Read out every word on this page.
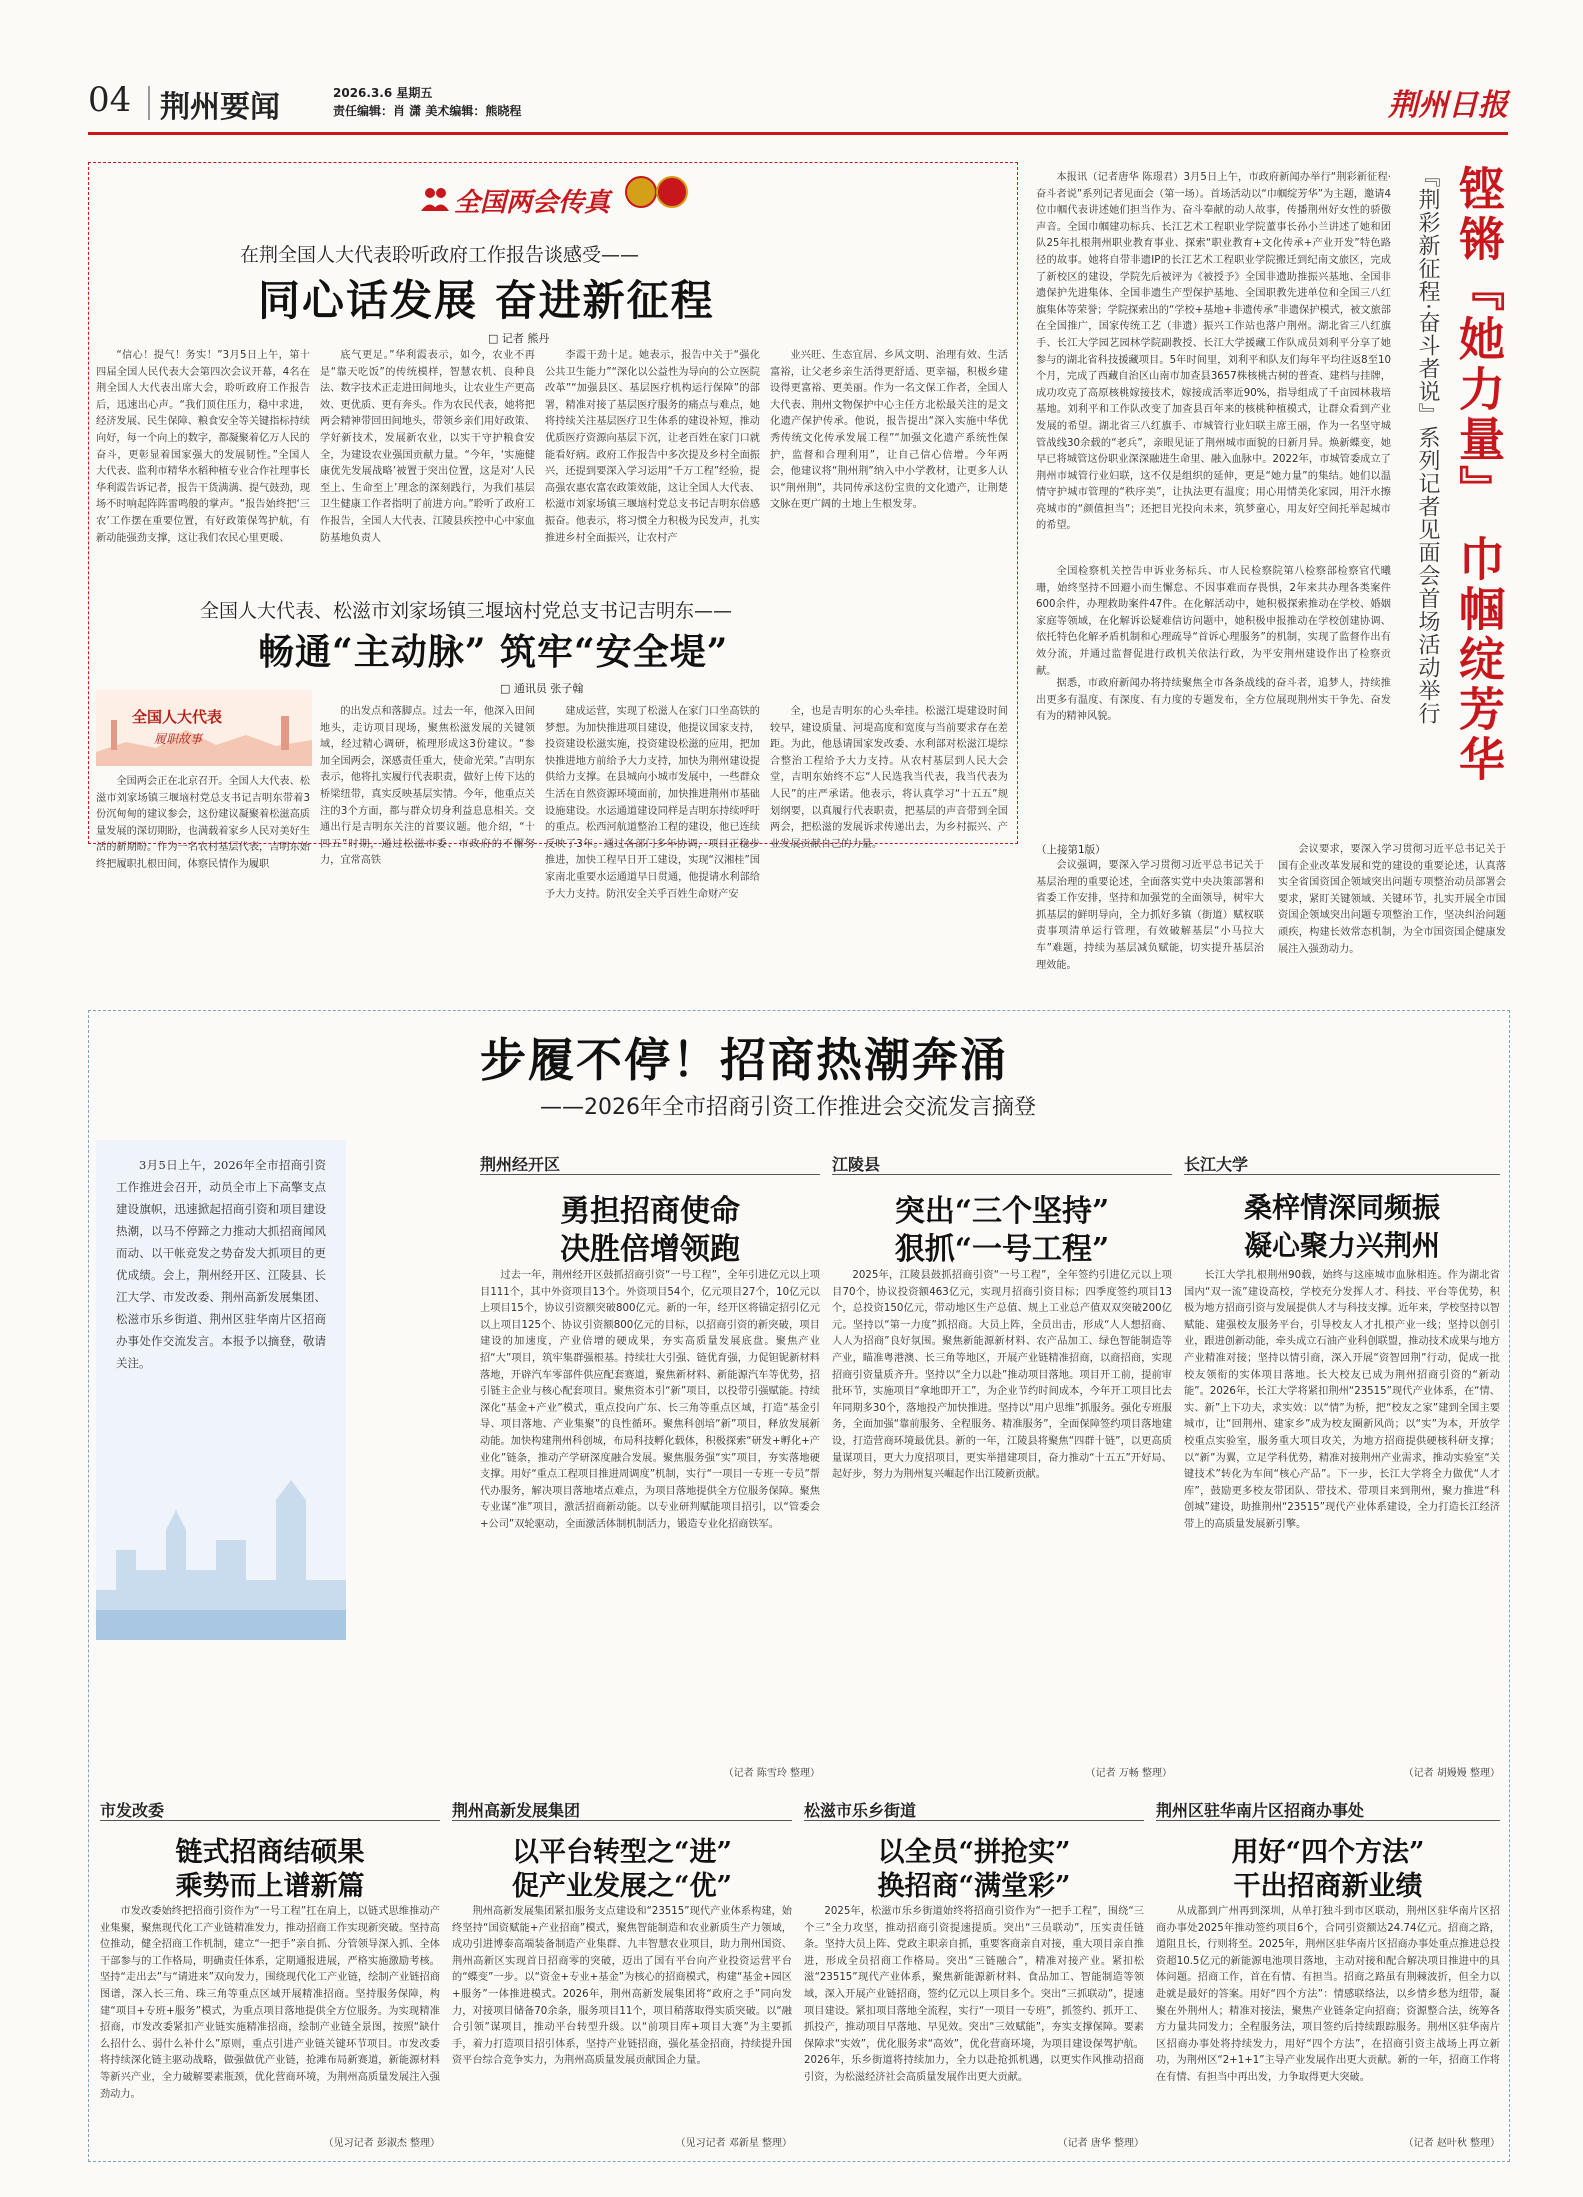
04 荆州要闻	2026.3.6 星期五
责任编辑：肖 潇 美术编辑：熊晓程	荆州日报
全国两会传真
在荆全国人大代表聆听政府工作报告谈感受——
同心话发展 奋进新征程
□ 记者 熊丹
“信心！提气！务实！”3月5日上午，第十四届全国人民代表大会第四次会议开幕，4名在荆全国人大代表出席大会，聆听政府工作报告后，迅速出心声。“我们顶住压力，稳中求进，经济发展、民生保障、粮食安全等关键指标持续向好，每一个向上的数字，都凝聚着亿万人民的奋斗，更彰显着国家强大的发展韧性。”全国人大代表、监利市精华水稻种植专业合作社理事长华利霞告诉记者，报告干货满满、提气鼓劲，现场不时响起阵阵雷鸣般的掌声。“报告始终把‘三农’工作摆在重要位置，有好政策保驾护航，有新动能强劲支撑，这让我们农民心里更暖、
底气更足。”华利霞表示，如今，农业不再是“靠天吃饭”的传统模样，智慧农机、良种良法、数字技术正走进田间地头，让农业生产更高效、更优质、更有奔头。作为农民代表，她将把两会精神带回田间地头，带领乡亲们用好政策、学好新技术，发展新农业，以实干守护粮食安全，为建设农业强国贡献力量。“今年，‘实施健康优先发展战略’被置于突出位置，这是对‘人民至上、生命至上’理念的深刻践行，为我们基层卫生健康工作者指明了前进方向。”聆听了政府工作报告，全国人大代表、江陵县疾控中心中家血防基地负责人
李霞干劲十足。她表示，报告中关于“强化公共卫生能力”“深化以公益性为导向的公立医院改革”“加强县区、基层医疗机构运行保障”的部署，精准对接了基层医疗服务的痛点与难点，她将持续关注基层医疗卫生体系的建设补短，推动优质医疗资源向基层下沉，让老百姓在家门口就能看好病。政府工作报告中多次提及乡村全面振兴，还提到要深入学习运用“千万工程”经验，提高强农惠农富农政策效能，这让全国人大代表、松滋市刘家场镇三堰垴村党总支书记吉明东倍感振奋。他表示，将习惯全力积极为民发声，扎实推进乡村全面振兴，让农村产
业兴旺、生态宜居、乡风文明、治理有效、生活富裕，让父老乡亲生活得更舒适、更幸福，积极乡建设得更富裕、更美丽。作为一名文保工作者，全国人大代表、荆州文物保护中心主任方北松最关注的是文化遗产保护传承。他说，报告提出“深入实施中华优秀传统文化传承发展工程”“加强文化遗产系统性保护，监督和合理利用”，让自己信心倍增。今年两会，他建议将“荆州荆”纳入中小学教材，让更多人认识“荆州荆”，共同传承这份宝贵的文化遗产，让荆楚文脉在更广阔的土地上生根发芽。
全国人大代表、松滋市刘家场镇三堰垴村党总支书记吉明东——
畅通“主动脉” 筑牢“安全堤”
□ 通讯员 张子翰
全国人大代表
履职故事
全国两会正在北京召开。全国人大代表、松滋市刘家场镇三堰垴村党总支书记吉明东带着3份沉甸甸的建议参会，这份建议凝聚着松滋高质量发展的深切期盼，也满载着家乡人民对美好生活的新期盼。作为一名农村基层代表，吉明东始终把履职扎根田间，体察民情作为履职
的出发点和落脚点。过去一年，他深入田间地头，走访项目现场，聚焦松滋发展的关键领域，经过精心调研，梳理形成这3份建议。“参加全国两会，深感责任重大，使命光荣。”吉明东表示，他将扎实履行代表职责，做好上传下达的桥梁纽带，真实反映基层实情。今年，他重点关注的3个方面，都与群众切身利益息息相关。交通出行是吉明东关注的首要议题。他介绍，“十四五”时期，通过松滋市委、市政府的不懈努力，宜常高铁
建成运营，实现了松滋人在家门口坐高铁的梦想。为加快推进项目建设，他提议国家支持，投资建设松滋实施，投资建设松滋的应用，把加快推进地方前给予大力支持，加快为荆州建设提供给力支撑。在县城向小城市发展中，一些群众生活在自然资源环境面前，加快推进荆州市基础设施建设。水运通道建设同样是吉明东持续呼吁的重点。松西河航道整治工程的建设，他已连续反映了3年。通过各部门多年协调，项目正稳步推进，加快工程早日开工建设，实现“汉湘桂”国家南北重要水运通道早日贯通，他提请水利部给予大力支持。防汛安全关乎百姓生命财产安
全，也是吉明东的心头牵挂。松滋江堤建设时间较早，建设质量、河堤高度和宽度与当前要求存在差距。为此，他恳请国家发改委、水利部对松滋江堤综合整治工程给予大力支持。从农村基层到人民大会堂，吉明东始终不忘“人民选我当代表，我当代表为人民”的庄严承诺。他表示，将认真学习“十五五”规划纲要，以真履行代表职责，把基层的声音带到全国两会，把松滋的发展诉求传递出去，为乡村振兴、产业发展贡献自己的力量。
本报讯（记者唐华 陈璟君）3月5日上午，市政府新闻办举行“荆彩新征程·奋斗者说”系列记者见面会（第一场）。首场活动以“巾帼绽芳华”为主题，邀请4位巾帼代表讲述她们担当作为、奋斗奉献的动人故事，传播荆州好女性的骄傲声音。全国巾帼建功标兵、长江艺术工程职业学院董事长孙小兰讲述了她和团队25年扎根荆州职业教育事业、探索“职业教育+文化传承+产业开发”特色路径的故事。她将自带非遗IP的长江艺术工程职业学院搬迁到纪南文旅区，完成了新校区的建设，学院先后被评为《被授予》全国非遗助推振兴基地、全国非遗保护先进集体、全国非遗生产型保护基地、全国职教先进单位和全国三八红旗集体等荣誉；学院探索出的“学校+基地+非遗传承”非遗保护模式，被文旅部在全国推广，国家传统工艺（非遗）振兴工作站也落户荆州。湖北省三八红旗手、长江大学园艺园林学院副教授、长江大学援藏工作队成员刘利平分享了她参与的湖北省科技援藏项目。5年时间里，刘利平和队友们每年平均往返8至10个月，完成了西藏自治区山南市加查县3657株核桃古树的普查、建档与挂牌，成功攻克了高原核桃嫁接技术，嫁接成活率近90%，指导组成了千亩园林栽培基地。刘利平和工作队改变了加查县百年来的核桃种植模式，让群众看到产业发展的希望。湖北省三八红旗手、市城管行业妇联主席王丽，作为一名坚守城管战线30余载的“老兵”，亲眼见证了荆州城市面貌的日新月异。焕新蝶变，她早已将城管这份职业深深融进生命里、融入血脉中。2022年，市城管委成立了荆州市城管行业妇联，这不仅是组织的延伸，更是“她力量”的集结。她们以温情守护城市管理的“秩序美”，让执法更有温度；用心用情美化家园，用汗水擦亮城市的“颜值担当”；还把目光投向未来，筑梦童心，用友好空间托举起城市的希望。
全国检察机关控告申诉业务标兵、市人民检察院第八检察部检察官代曦珊，始终坚持不回避小而生懈怠、不因事难而存畏惧，2年来共办理各类案件600余件，办理救助案件47件。在化解活动中，她积极探索推动在学校、婚姻家庭等领域，在化解诉讼疑难信访问题中，她积极申报推动在学校创建协调、依托特色化解矛盾机制和心理疏导“首诉心理服务”的机制，实现了监督作出有效分流，并通过监督促进行政机关依法行政，为平安荆州建设作出了检察贡献。
据悉，市政府新闻办将持续聚焦全市各条战线的奋斗者，追梦人，持续推出更多有温度、有深度、有力度的专题发布，全方位展现荆州实干争先、奋发有为的精神风貌。	『荆彩新征程·奋斗者说』系列记者见面会首场活动举行 铿锵『她力量』 巾帼绽芳华
（上接第1版）
会议强调，要深入学习贯彻习近平总书记关于基层治理的重要论述，全面落实党中央决策部署和省委工作安排，坚持和加强党的全面领导，树牢大抓基层的鲜明导向，全力抓好多镇（街道）赋权联责事项清单运行管理，有效破解基层“小马拉大车”难题，持续为基层减负赋能，切实提升基层治理效能。
会议要求，要深入学习贯彻习近平总书记关于国有企业改革发展和党的建设的重要论述，认真落实全省国资国企领域突出问题专项整治动员部署会要求，紧盯关键领域、关键环节，扎实开展全市国资国企领域突出问题专项整治工作，坚决纠治问题顽疾，构建长效常态机制，为全市国资国企健康发展注入强劲动力。
步履不停！招商热潮奔涌
——2026年全市招商引资工作推进会交流发言摘登
3月5日上午，2026年全市招商引资工作推进会召开，动员全市上下高擎支点建设旗帜，迅速掀起招商引资和项目建设热潮，以马不停蹄之力推动大抓招商闻风而动、以干帐竞发之势奋发大抓项目的更优成绩。会上，荆州经开区、江陵县、长江大学、市发改委、荆州高新发展集团、松滋市乐乡街道、荆州区驻华南片区招商办事处作交流发言。本报予以摘登，敬请关注。
荆州经开区
勇担招商使命
决胜倍增领跑
过去一年，荆州经开区鼓抓招商引资“一号工程”，全年引进亿元以上项目111个，其中外资项目13个。外资项目54个，亿元项目27个，10亿元以上项目15个，协议引资额突破800亿元。新的一年，经开区将锚定招引亿元以上项目125个、协议引资额800亿元的目标，以招商引资的新突破，项目建设的加速度，产业倍增的硬成果，夯实高质量发展底盘。聚焦产业招“大”项目，筑牢集群强根基。持续壮大引强、链优育强，力促钽铌新材料落地，开辟汽车零部件供应配套赛道，聚焦新材料、新能源汽车等优势，招引链主企业与核心配套项目。聚焦资本引“新”项目，以投带引强赋能。持续深化“基金+产业”模式，重点投向广东、长三角等重点区域，打造“基金引导、项目落地、产业集聚”的良性循环。聚焦科创培“新”项目，释放发展新动能。加快构建荆州科创城，布局科技孵化载体，积极探索“研发+孵化+产业化”链条，推动产学研深度融合发展。聚焦服务强“实”项目，夯实落地硬支撑。用好“重点工程项目推进周调度”机制，实行“一项目一专班一专员”帮代办服务，解决项目落地堵点难点，为项目落地提供全方位服务保障。聚焦专业谋“准”项目，激活招商新动能。以专业研判赋能项目招引，以“管委会+公司”双轮驱动，全面激活体制机制活力，锻造专业化招商铁军。
（记者 陈雪玲 整理）
江陵县
突出“三个坚持”
狠抓“一号工程”
2025年，江陵县鼓抓招商引资“一号工程”，全年签约引进亿元以上项目70个，协议投资额463亿元，实现月招商引资目标；四季度签约项目13个，总投资150亿元，带动地区生产总值、规上工业总产值双双突破200亿元。坚持以“第一力度”抓招商。大员上阵，全员出击，形成“人人想招商、人人为招商”良好氛围。聚焦新能源新材料、农产品加工、绿色智能制造等产业，瞄准粤港澳、长三角等地区，开展产业链精准招商，以商招商，实现招商引资量质齐升。坚持以“全力以赴”推动项目落地。项目开工前，提前审批环节，实施项目“拿地即开工”，为企业节约时间成本，今年开工项目比去年同期多30个，落地投产加快推进。坚持以“用户思维”抓服务。强化专班服务，全面加强“靠前服务、全程服务、精准服务”，全面保障签约项目落地建设，打造营商环境最优县。新的一年，江陵县将聚焦“四群十链”，以更高质量谋项目，更大力度招项目，更实举措建项目，奋力推动“十五五”开好局、起好步，努力为荆州复兴崛起作出江陵新贡献。
（记者 万畅 整理）
长江大学
桑梓情深同频振
凝心聚力兴荆州
长江大学扎根荆州90载，始终与这座城市血脉相连。作为湖北省国内“双一流”建设高校，学校充分发挥人才、科技、平台等优势，积极为地方招商引资与发展提供人才与科技支撑。近年来，学校坚持以智赋能、建强校友服务平台，引导校友人才扎根产业一线；坚持以创引业，跟进创新动能，牵头成立石油产业科创联盟，推动技术成果与地方产业精准对接；坚持以情引商，深入开展“资智回荆”行动，促成一批校友领衔的实体项目落地。长大校友已成为荆州招商引资的“新动能”。2026年，长江大学将紧扣荆州“23515”现代产业体系，在“情、实、新”上下功夫，求实效：以“情”为桥，把“校友之家”建到全国主要城市，让“回荆州、建家乡”成为校友圈新风尚；以“实”为本，开放学校重点实验室，服务重大项目攻关，为地方招商提供硬核科研支撑；以“新”为翼，立足学科优势，精准对接荆州产业需求，推动实验室“关键技术”转化为车间“核心产品”。下一步，长江大学将全力做优“人才库”，鼓励更多校友带团队、带技术、带项目来到荆州，聚力推进“科创城”建设，助推荆州“23515”现代产业体系建设，全力打造长江经济带上的高质量发展新引擎。
（记者 胡嫚嫚 整理）
市发改委
链式招商结硕果
乘势而上谱新篇
市发改委始终把招商引资作为“一号工程”扛在肩上，以链式思维推动产业集聚，聚焦现代化工产业链精准发力，推动招商工作实现新突破。坚持高位推动，健全招商工作机制，建立“一把手”亲自抓、分管领导深入抓、全体干部参与的工作格局，明确责任体系，定期通报进展，严格实施激励考核。坚持“走出去”与“请进来”双向发力，围绕现代化工产业链，绘制产业链招商图谱，深入长三角、珠三角等重点区域开展精准招商。坚持服务保障，构建“项目+专班+服务”模式，为重点项目落地提供全方位服务。为实现精准招商，市发改委紧扣产业链实施精准招商，绘制产业链全景图，按照“缺什么招什么、弱什么补什么”原则，重点引进产业链关键环节项目。市发改委将持续深化链主驱动战略，做强做优产业链，抢滩布局新赛道，新能源材料等新兴产业，全力破解要素瓶颈，优化营商环境，为荆州高质量发展注入强劲动力。
（见习记者 彭淑杰 整理）
荆州高新发展集团
以平台转型之“进”
促产业发展之“优”
荆州高新发展集团紧扣服务支点建设和“23515”现代产业体系构建，始终坚持“国资赋能+产业招商”模式，聚焦智能制造和农业新质生产力领域，成功引进博泰高端装备制造产业集群、九丰智慧农业项目，助力荆州国资、荆州高新区实现首日招商零的突破，迈出了国有平台向产业投资运营平台的“蝶变”一步。以“资金+专业+基金”为核心的招商模式，构建“基金+园区+服务”一体推进模式。2026年，荆州高新发展集团将“政府之手”同向发力，对接项目储备70余条，服务项目11个，项目稍落取得实质突破。以“融合引领”谋项目，推动平台转型升级。以“前项目库+项目大赛”为主要抓手，着力打造项目招引体系，坚持产业链招商，强化基金招商，持续提升国资平台综合竞争实力，为荆州高质量发展贡献国企力量。
（见习记者 邓新星 整理）
松滋市乐乡街道
以全员“拼抢实”
换招商“满堂彩”
2025年，松滋市乐乡街道始终将招商引资作为“一把手工程”，围绕“三个三”全力攻坚，推动招商引资提速提质。突出“三员联动”，压实责任链条。坚持大员上阵、党政主职亲自抓，重要客商亲自对接，重大项目亲自推进，形成全员招商工作格局。突出“三链融合”，精准对接产业。紧扣松滋“23515”现代产业体系，聚焦新能源新材料、食品加工、智能制造等领域，深入开展产业链招商，签约亿元以上项目多个。突出“三抓联动”，提速项目建设。紧扣项目落地全流程，实行“一项目一专班”，抓签约、抓开工、抓投产，推动项目早落地、早见效。突出“三效赋能”，夯实支撑保障。要素保障求“实效”，优化服务求“高效”，优化营商环境，为项目建设保驾护航。2026年，乐乡街道将持续加力，全力以赴抢抓机遇，以更实作风推动招商引资，为松滋经济社会高质量发展作出更大贡献。
（记者 唐华 整理）
荆州区驻华南片区招商办事处
用好“四个方法”
干出招商新业绩
从成都到广州再到深圳，从单打独斗到市区联动，荆州区驻华南片区招商办事处2025年推动签约项目6个，合同引资额达24.74亿元。招商之路，道阻且长，行则将至。2025年，荆州区驻华南片区招商办事处重点推进总投资超10.5亿元的新能源电池项目落地，主动对接和配合解决项目推进中的具体问题。招商工作，首在有情、有担当。招商之路虽有荆棘波折，但全力以赴就是最好的答案。用好“四个方法”：情感联络法，以乡情乡愁为纽带，凝聚在外荆州人；精准对接法，聚焦产业链条定向招商；资源整合法，统筹各方力量共同发力；全程服务法，项目签约后持续跟踪服务。荆州区驻华南片区招商办事处将持续发力，用好“四个方法”，在招商引资主战场上再立新功，为荆州区“2+1+1”主导产业发展作出更大贡献。新的一年，招商工作将在有情、有担当中再出发，力争取得更大突破。
（记者 赵叶秋 整理）
